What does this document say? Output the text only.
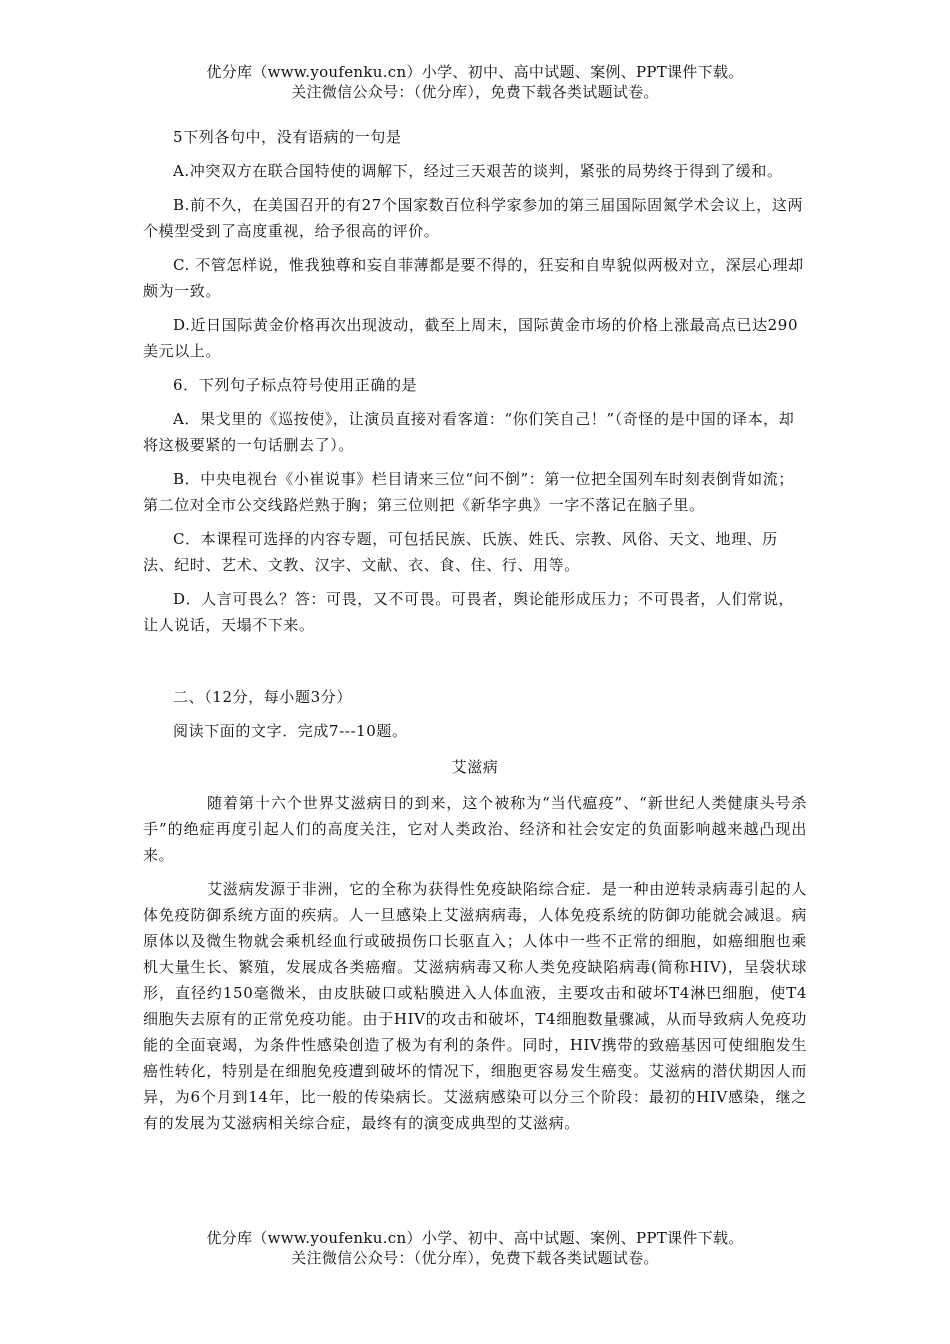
优分库（www.youfenku.cn）小学、初中、高中试题、案例、PPT课件下载。
关注微信公众号：（优分库），免费下载各类试题试卷。

5下列各句中，没有语病的一句是

A.冲突双方在联合国特使的调解下，经过三天艰苦的谈判，紧张的局势终于得到了缓和。

B.前不久，在美国召开的有27个国家数百位科学家参加的第三届国际固氮学术会议上，这两个模型受到了高度重视，给予很高的评价。

C. 不管怎样说，惟我独尊和妄自菲薄都是要不得的，狂妄和自卑貌似两极对立，深层心理却颇为一致。

D.近日国际黄金价格再次出现波动，截至上周末，国际黄金市场的价格上涨最高点已达290美元以上。

6．下列句子标点符号使用正确的是

A．果戈里的《巡按使》，让演员直接对看客道：“你们笑自己！”（奇怪的是中国的译本，却将这极要紧的一句话删去了）。

B．中央电视台《小崔说事》栏目请来三位“问不倒”：第一位把全国列车时刻表倒背如流；第二位对全市公交线路烂熟于胸；第三位则把《新华字典》一字不落记在脑子里。

C．本课程可选择的内容专题，可包括民族、氏族、姓氏、宗教、风俗、天文、地理、历法、纪时、艺术、文教、汉字、文献、衣、食、住、行、用等。

D．人言可畏么？答：可畏，又不可畏。可畏者，舆论能形成压力；不可畏者，人们常说，让人说话，天塌不下来。

二、（12分，每小题3分）

阅读下面的文字．完成7---10题。

艾滋病

随着第十六个世界艾滋病日的到来，这个被称为“当代瘟疫”、“新世纪人类健康头号杀手”的绝症再度引起人们的高度关注，它对人类政治、经济和社会安定的负面影响越来越凸现出来。

艾滋病发源于非洲，它的全称为获得性免疫缺陷综合症．是一种由逆转录病毒引起的人体免疫防御系统方面的疾病。人一旦感染上艾滋病病毒，人体免疫系统的防御功能就会减退。病原体以及微生物就会乘机经血行或破损伤口长驱直入；人体中一些不正常的细胞，如癌细胞也乘机大量生长、繁殖，发展成各类癌瘤。艾滋病病毒又称人类免疫缺陷病毒(简称HIV)，呈袋状球形，直径约150毫微米，由皮肤破口或粘膜进入人体血液，主要攻击和破坏T4淋巴细胞，使T4细胞失去原有的正常免疫功能。由于HIV的攻击和破坏，T4细胞数量骤减，从而导致病人免疫功能的全面衰竭，为条件性感染创造了极为有利的条件。同时，HIV携带的致癌基因可使细胞发生癌性转化，特别是在细胞免疫遭到破坏的情况下，细胞更容易发生癌变。艾滋病的潜伏期因人而异，为6个月到14年，比一般的传染病长。艾滋病感染可以分三个阶段：最初的HIV感染，继之有的发展为艾滋病相关综合症，最终有的演变成典型的艾滋病。

优分库（www.youfenku.cn）小学、初中、高中试题、案例、PPT课件下载。
关注微信公众号：（优分库），免费下载各类试题试卷。
